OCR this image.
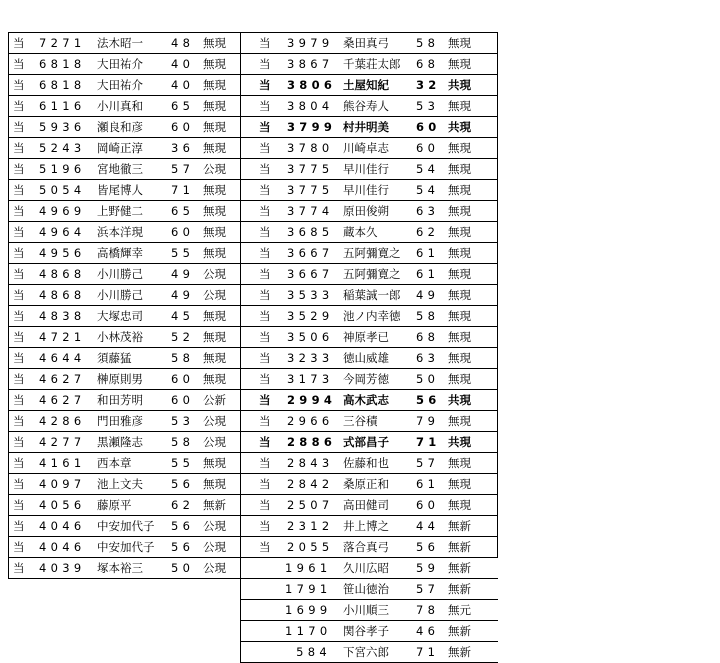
当 7271 法木昭一 48 無現
当 6818 大田祐介 40 無現
当 6818 大田祐介 40 無現
当 6116 小川真和 65 無現
当 5936 瀬良和彦 60 無現
当 5243 岡崎正淳 36 無現
当 5196 宮地徹三 57 公現
当 5054 皆尾博人 71 無現
当 4969 上野健二 65 無現
当 4964 浜本洋現 60 無現
当 4956 高橋輝幸 55 無現
当 4868 小川勝己 49 公現
当 4868 小川勝己 49 公現
当 4838 大塚忠司 45 無現
当 4721 小林茂裕 52 無現
当 4644 須藤猛	58 無現
当 4627 榊原則男 60 無現
当 4627 和田芳明 60 公新
当 4286 門田雅彦 53 公現
当 4277 黒瀬隆志 58 公現
当 4161 西本章	55 無現
当 4097 池上文夫 56 無現
当 4056 藤原平	62 無新
当 4046 中安加代子 56 公現
当 4046 中安加代子 56 公現
当 4039 塚本裕三 50 公現
当 3979 桑田真弓 58 無現
当 3867 千葉荘太郎 68 無現
当 3806 土屋知紀 32 共現
当 3804 熊谷寿人 53 無現
当 3799 村井明美 60 共現
当 3780 川崎卓志 60 無現
当 3775 早川佳行 54 無現
当 3775 早川佳行 54 無現
当 3774 原田俊朔 63 無現
当 3685 蔵本久	62 無現
当 3667 五阿彌寛之 61 無現
当 3667 五阿彌寛之 61 無現
当 3533 稲葉誠一郎 49 無現
当 3529 池ノ内幸徳 58 無現
当 3506 神原孝已 68 無現
当 3233 徳山威雄 63 無現
当 3173 今岡芳徳 50 無現
当 2994 高木武志 56 共現
当 2966 三谷積	79 無現
当 2886 式部昌子 71 共現
当 2843 佐藤和也 57 無現
当 2842 桑原正和 61 無現
当 2507 高田健司 60 無現
当 2312 井上博之 44 無新
当 2055 落合真弓 56 無新
1961 久川広昭 59 無新
1791 笹山徳治 57 無新
1699 小川順三 78 無元
1170 関谷孝子 46 無新
584 下宮六郎 71 無新
